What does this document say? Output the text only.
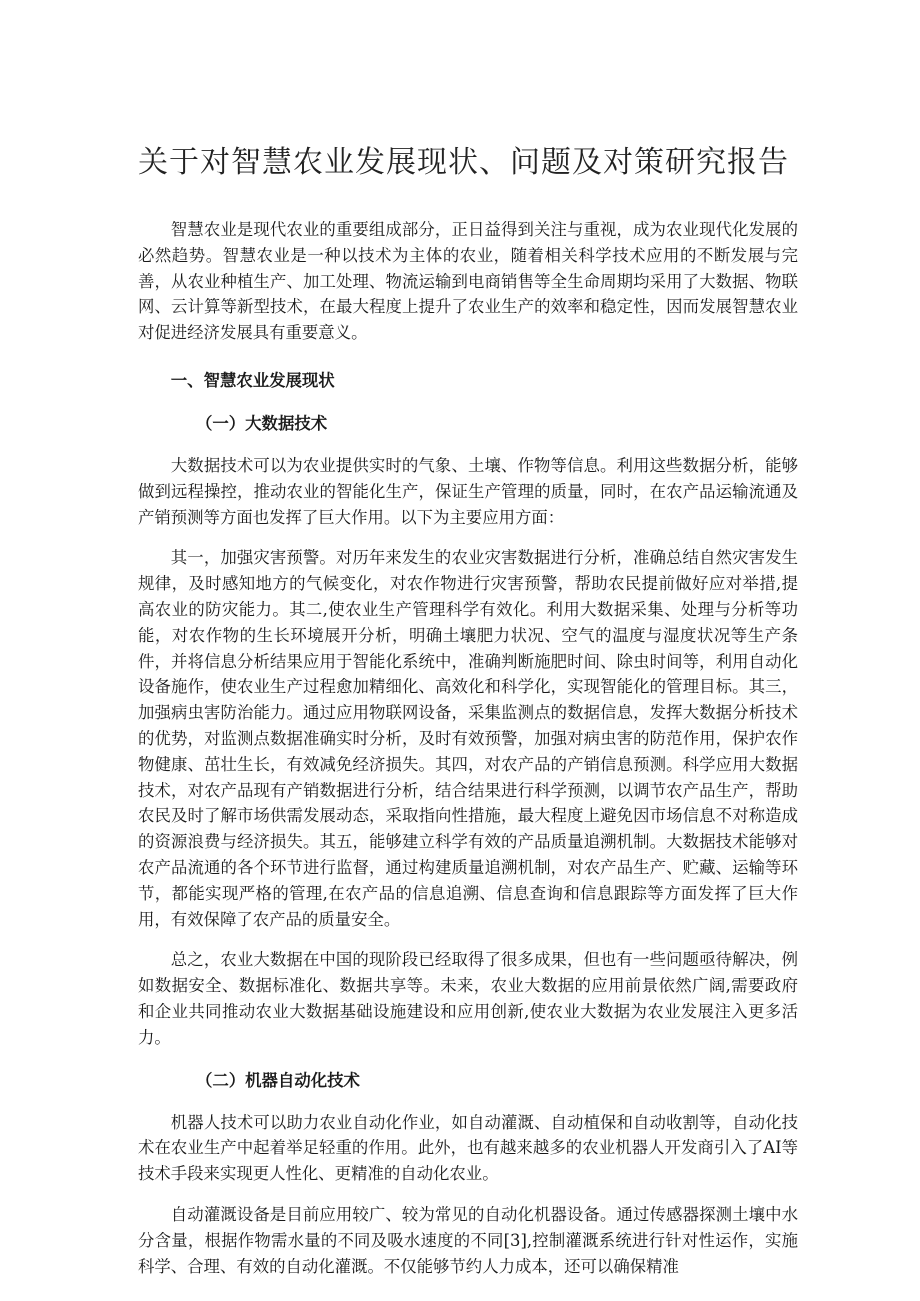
关于对智慧农业发展现状、问题及对策研究报告

智慧农业是现代农业的重要组成部分，正日益得到关注与重视，成为农业现代化发展的必然趋势。智慧农业是一种以技术为主体的农业，随着相关科学技术应用的不断发展与完善，从农业种植生产、加工处理、物流运输到电商销售等全生命周期均采用了大数据、物联网、云计算等新型技术，在最大程度上提升了农业生产的效率和稳定性，因而发展智慧农业对促进经济发展具有重要意义。

一、智慧农业发展现状
（一）大数据技术

大数据技术可以为农业提供实时的气象、土壤、作物等信息。利用这些数据分析，能够做到远程操控，推动农业的智能化生产，保证生产管理的质量，同时，在农产品运输流通及产销预测等方面也发挥了巨大作用。以下为主要应用方面：

其一，加强灾害预警。对历年来发生的农业灾害数据进行分析，准确总结自然灾害发生规律，及时感知地方的气候变化，对农作物进行灾害预警，帮助农民提前做好应对举措,提高农业的防灾能力。其二,使农业生产管理科学有效化。利用大数据采集、处理与分析等功能，对农作物的生长环境展开分析，明确土壤肥力状况、空气的温度与湿度状况等生产条件，并将信息分析结果应用于智能化系统中，准确判断施肥时间、除虫时间等，利用自动化设备施作，使农业生产过程愈加精细化、高效化和科学化，实现智能化的管理目标。其三，加强病虫害防治能力。通过应用物联网设备，采集监测点的数据信息，发挥大数据分析技术的优势，对监测点数据准确实时分析，及时有效预警，加强对病虫害的防范作用，保护农作物健康、茁壮生长，有效减免经济损失。其四，对农产品的产销信息预测。科学应用大数据技术，对农产品现有产销数据进行分析，结合结果进行科学预测，以调节农产品生产，帮助农民及时了解市场供需发展动态，采取指向性措施，最大程度上避免因市场信息不对称造成的资源浪费与经济损失。其五，能够建立科学有效的产品质量追溯机制。大数据技术能够对农产品流通的各个环节进行监督，通过构建质量追溯机制，对农产品生产、贮藏、运输等环节，都能实现严格的管理,在农产品的信息追溯、信息查询和信息跟踪等方面发挥了巨大作用，有效保障了农产品的质量安全。

总之，农业大数据在中国的现阶段已经取得了很多成果，但也有一些问题亟待解决，例如数据安全、数据标准化、数据共享等。未来，农业大数据的应用前景依然广阔,需要政府和企业共同推动农业大数据基础设施建设和应用创新,使农业大数据为农业发展注入更多活力。

（二）机器自动化技术

机器人技术可以助力农业自动化作业，如自动灌溉、自动植保和自动收割等，自动化技术在农业生产中起着举足轻重的作用。此外，也有越来越多的农业机器人开发商引入了AI等技术手段来实现更人性化、更精准的自动化农业。

自动灌溉设备是目前应用较广、较为常见的自动化机器设备。通过传感器探测土壤中水分含量，根据作物需水量的不同及吸水速度的不同[3],控制灌溉系统进行针对性运作，实施科学、合理、有效的自动化灌溉。不仅能够节约人力成本，还可以确保精准
